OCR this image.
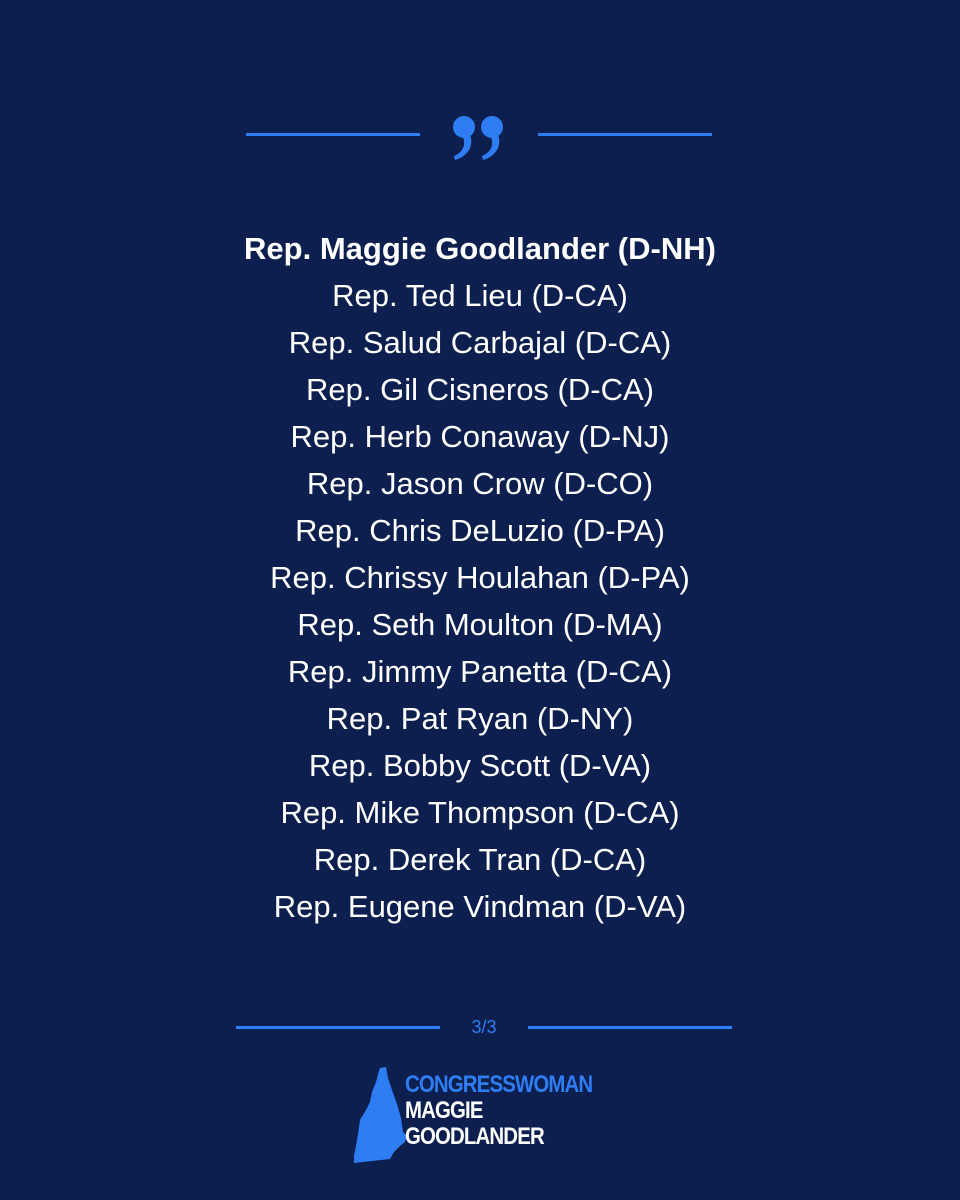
Rep. Maggie Goodlander (D-NH)
Rep. Ted Lieu (D-CA)
Rep. Salud Carbajal (D-CA)
Rep. Gil Cisneros (D-CA)
Rep. Herb Conaway (D-NJ)
Rep. Jason Crow (D-CO)
Rep. Chris DeLuzio (D-PA)
Rep. Chrissy Houlahan (D-PA)
Rep. Seth Moulton (D-MA)
Rep. Jimmy Panetta (D-CA)
Rep. Pat Ryan (D-NY)
Rep. Bobby Scott (D-VA)
Rep. Mike Thompson (D-CA)
Rep. Derek Tran (D-CA)
Rep. Eugene Vindman (D-VA)
3/3
CONGRESSWOMAN
MAGGIE
GOODLANDER
